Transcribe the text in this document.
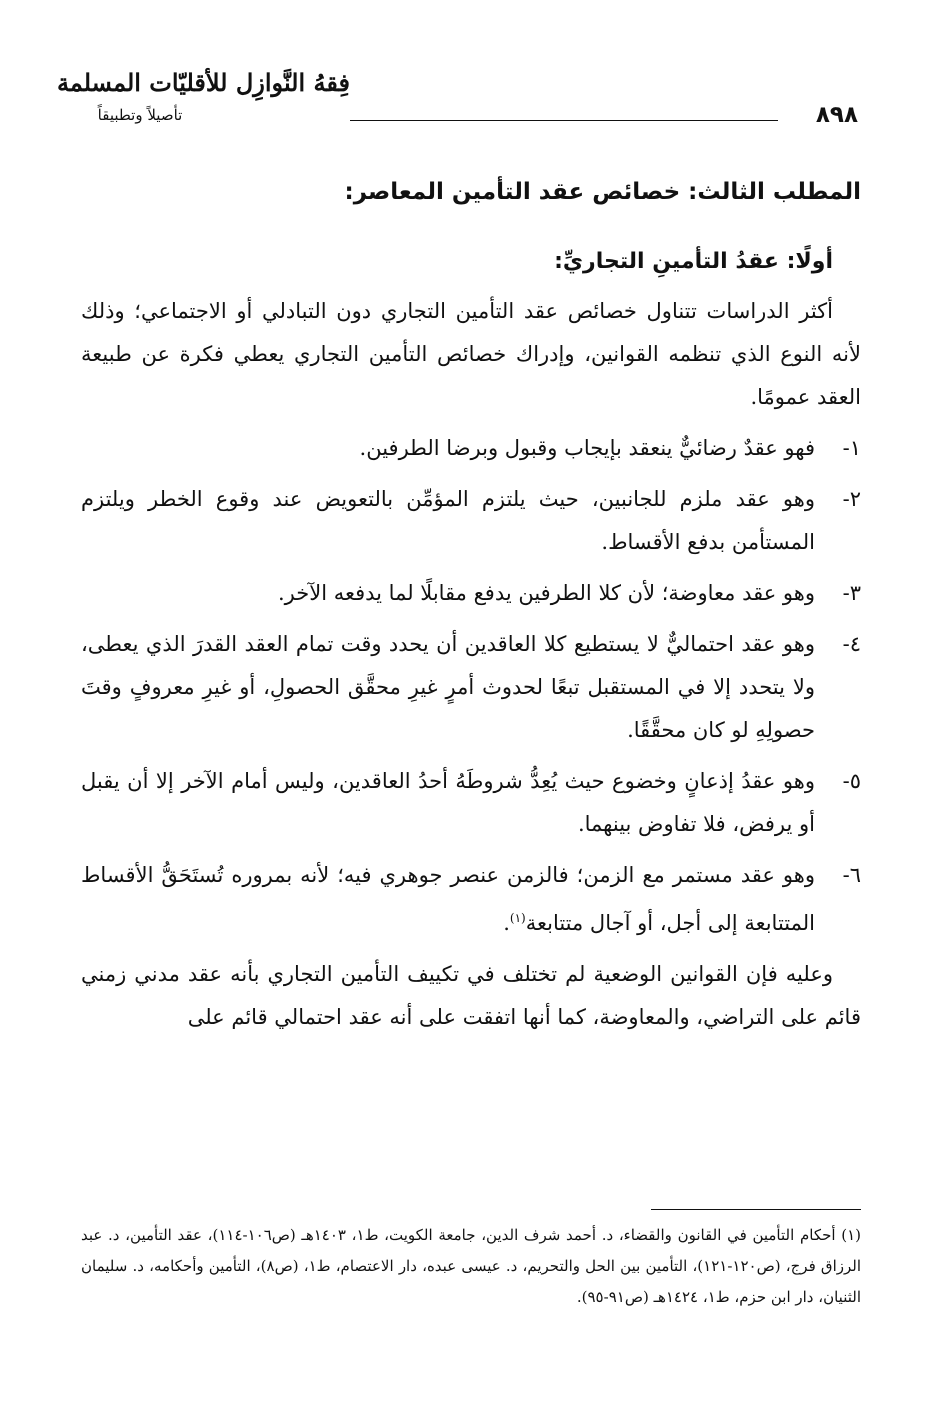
٨٩٨
فِقهُ النَّوازِل للأقليّات المسلمة
تأصيلاً وتطبيقاً
المطلب الثالث: خصائص عقد التأمين المعاصر:
أولًا: عقدُ التأمينِ التجاريِّ:

أكثر الدراسات تتناول خصائص عقد التأمين التجاري دون التبادلي أو الاجتماعي؛ وذلك لأنه النوع الذي تنظمه القوانين، وإدراك خصائص التأمين التجاري يعطي فكرة عن طبيعة العقد عمومًا.

١-فهو عقدٌ رضائيٌّ ينعقد بإيجاب وقبول وبرضا الطرفين.
٢-وهو عقد ملزم للجانبين، حيث يلتزم المؤمِّن بالتعويض عند وقوع الخطر ويلتزم المستأمن بدفع الأقساط.
٣-وهو عقد معاوضة؛ لأن كلا الطرفين يدفع مقابلًا لما يدفعه الآخر.
٤-وهو عقد احتماليٌّ لا يستطيع كلا العاقدين أن يحدد وقت تمام العقد القدرَ الذي يعطى، ولا يتحدد إلا في المستقبل تبعًا لحدوث أمرٍ غيرِ محقَّق الحصولِ، أو غيرِ معروفٍ وقتَ حصولِهِ لو كان محقَّقًا.
٥-وهو عقدُ إذعانٍ وخضوع حيث يُعِدُّ شروطَهُ أحدُ العاقدين، وليس أمام الآخر إلا أن يقبل أو يرفض، فلا تفاوض بينهما.
٦-وهو عقد مستمر مع الزمن؛ فالزمن عنصر جوهري فيه؛ لأنه بمروره تُستَحَقُّ الأقساط المتتابعة إلى أجل، أو آجال متتابعة$^{(١)}$.

وعليه فإن القوانين الوضعية لم تختلف في تكييف التأمين التجاري بأنه عقد مدني زمني قائم على التراضي، والمعاوضة، كما أنها اتفقت على أنه عقد احتمالي قائم على

(١) أحكام التأمين في القانون والقضاء، د. أحمد شرف الدين، جامعة الكويت، ط١، ١٤٠٣هـ (ص١٠٦-١١٤)، عقد التأمين، د. عبد الرزاق فرج، (ص١٢٠-١٢١)، التأمين بين الحل والتحريم، د. عيسى عبده، دار الاعتصام، ط١، (ص٨)، التأمين وأحكامه، د. سليمان الثنيان، دار ابن حزم، ط١، ١٤٢٤هـ (ص٩١-٩٥).
